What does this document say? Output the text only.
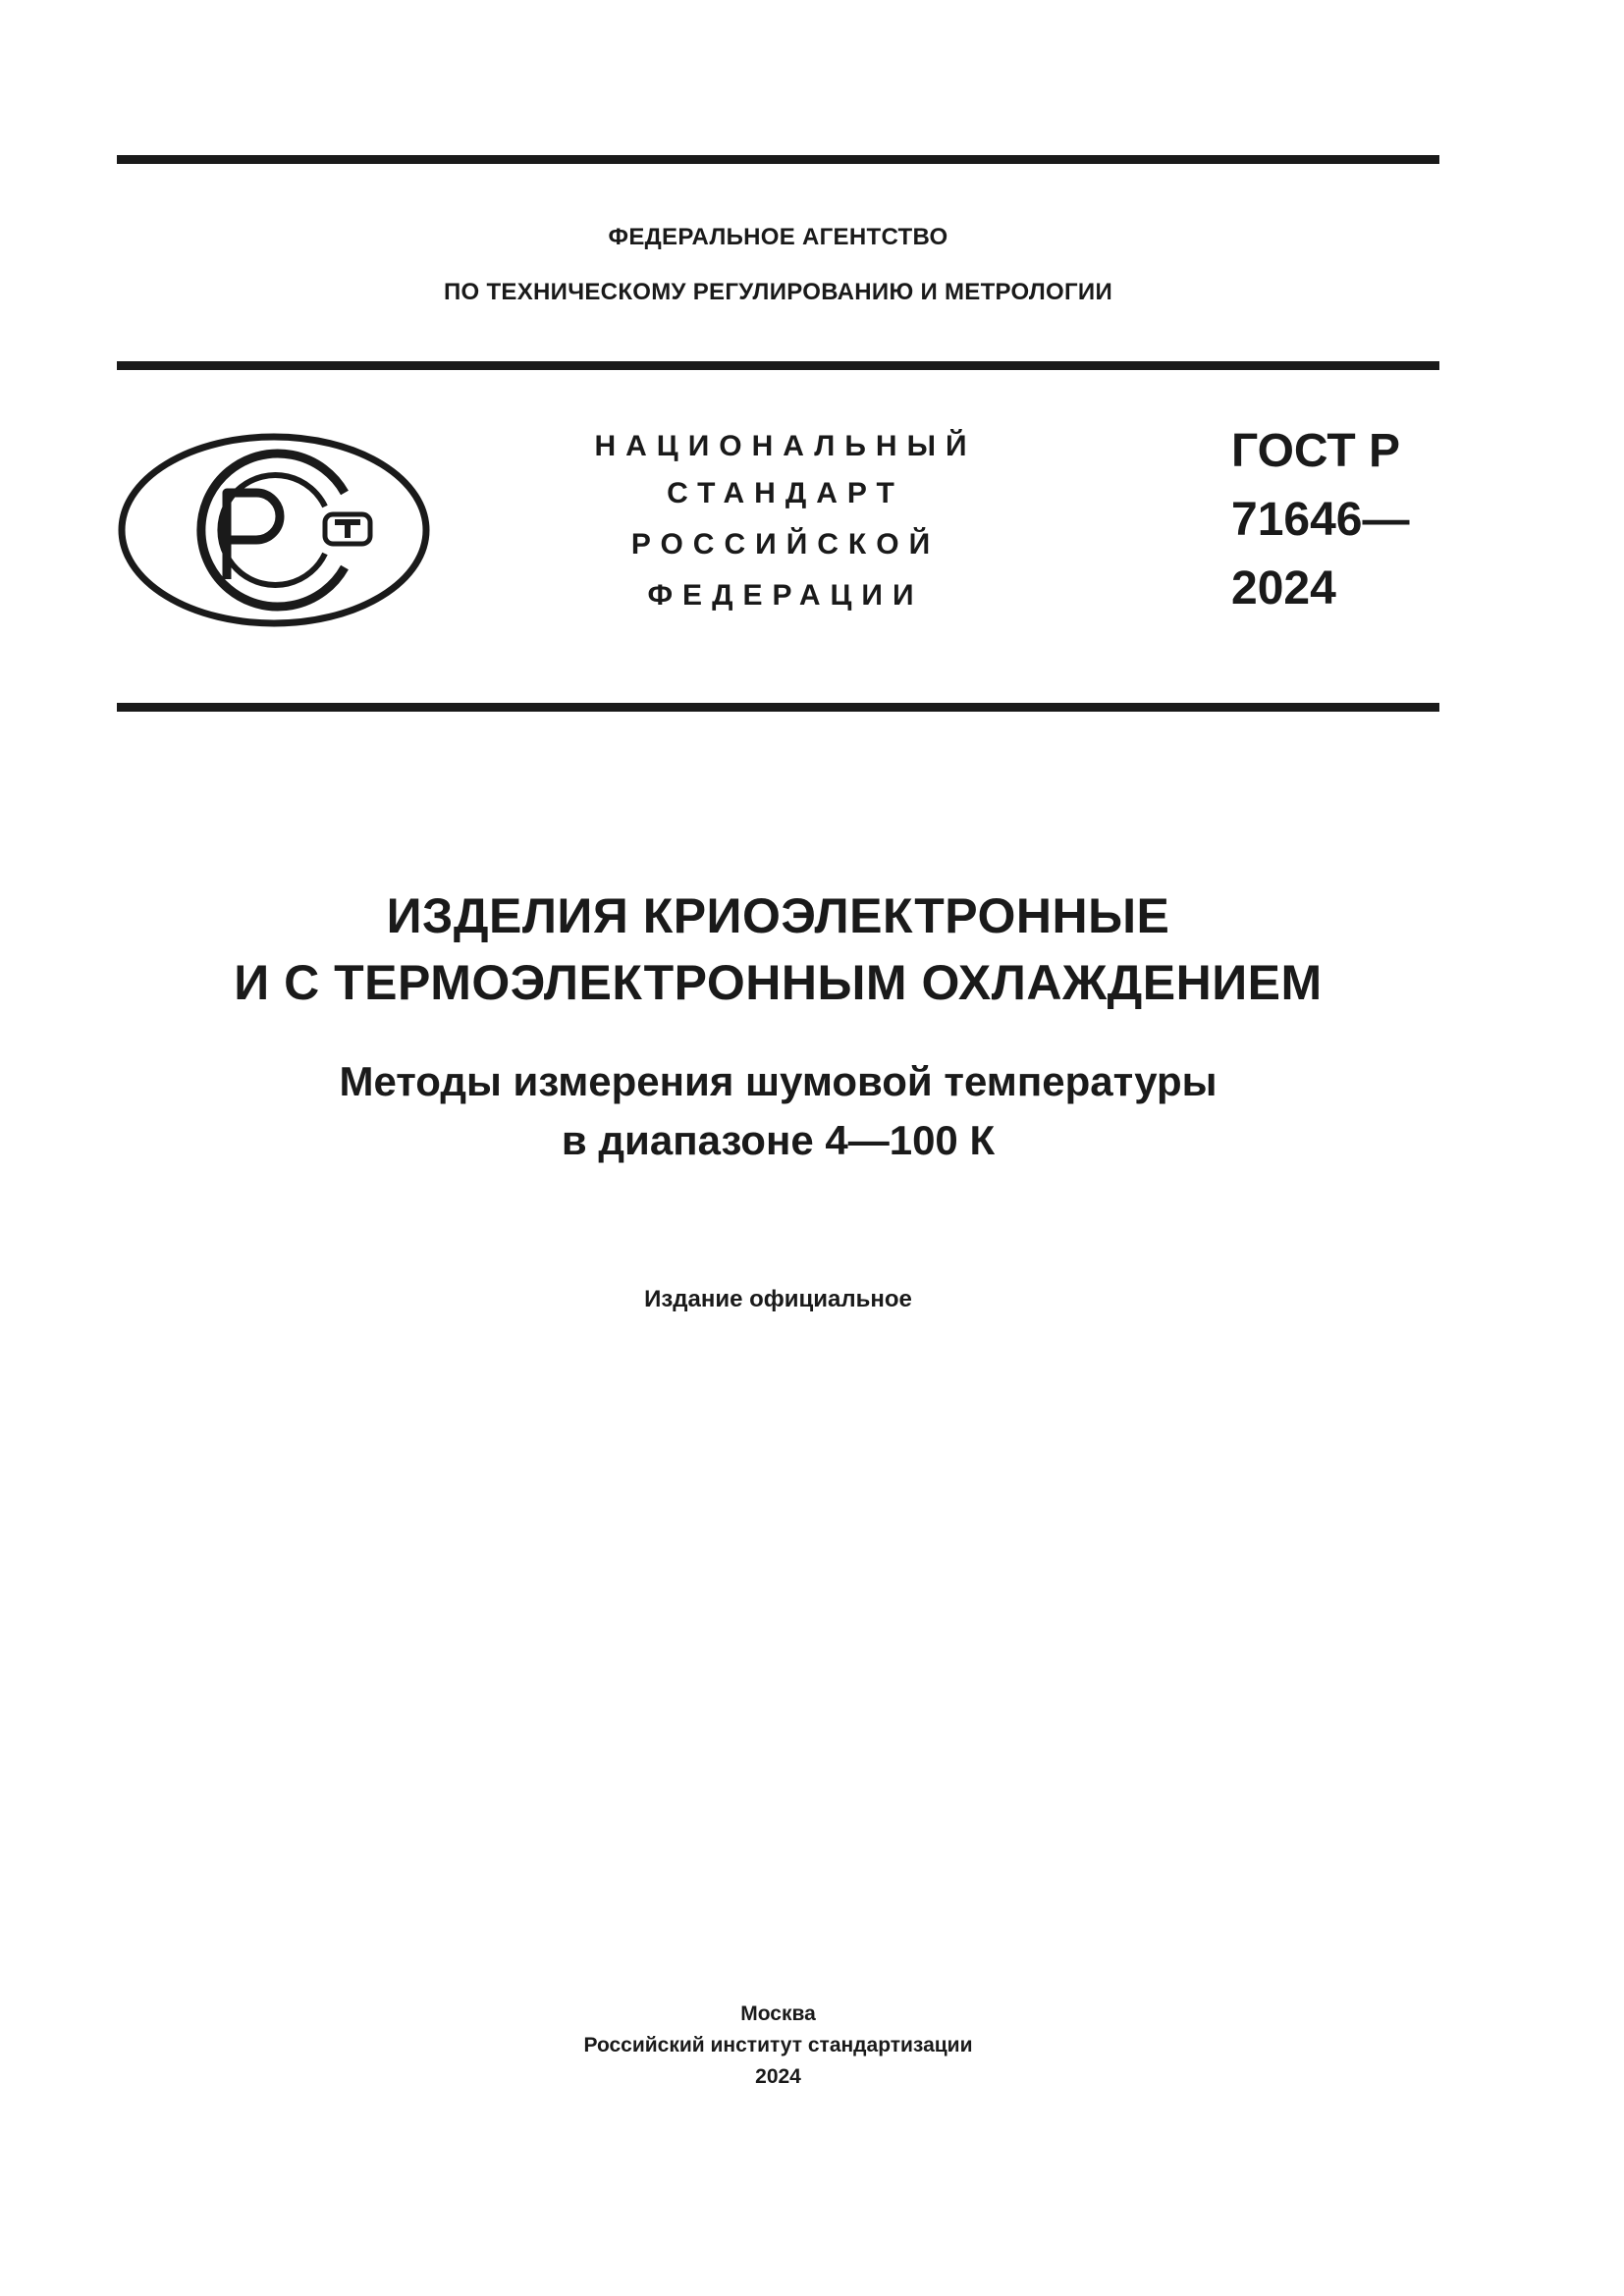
ФЕДЕРАЛЬНОЕ АГЕНТСТВО
ПО ТЕХНИЧЕСКОМУ РЕГУЛИРОВАНИЮ И МЕТРОЛОГИИ
НАЦИОНАЛЬНЫЙ
СТАНДАРТ
РОССИЙСКОЙ
ФЕДЕРАЦИИ
ГОСТ Р
71646—
2024
ИЗДЕЛИЯ КРИОЭЛЕКТРОННЫЕ
И С ТЕРМОЭЛЕКТРОННЫМ ОХЛАЖДЕНИЕМ
Методы измерения шумовой температуры
в диапазоне 4—100 К
Издание официальное
Москва
Российский институт стандартизации
2024
